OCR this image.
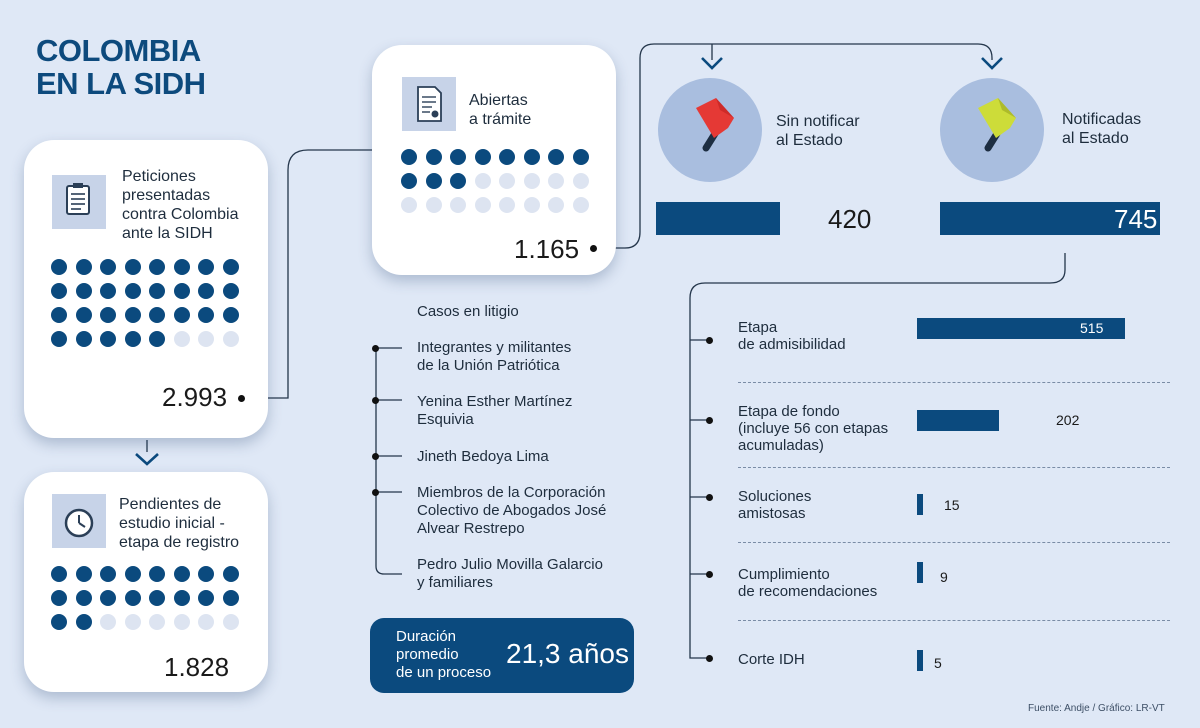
COLOMBIA
EN LA SIDH
Peticiones
presentadas
contra Colombia
ante la SIDH
2.993
Pendientes de
estudio inicial -
etapa de registro
1.828
Abiertas
a trámite
1.165
Sin notificar
al Estado
420
Notificadas
al Estado
745
Etapa
de admisibilidad
515
Etapa de fondo
(incluye 56 con etapas
acumuladas)
202
Soluciones
amistosas	15
Cumplimiento
de recomendaciones
9
Corte IDH	5
Casos en litigio
Integrantes y militantes
de la Unión Patriótica
Yenina Esther Martínez
Esquivia
Jineth Bedoya Lima
Miembros de la Corporación
Colectivo de Abogados José
Alvear Restrepo
Pedro Julio Movilla Galarcio
y familiares
Duración
promedio
de un proceso
21,3 años
Fuente: Andje / Gráfico: LR-VT
